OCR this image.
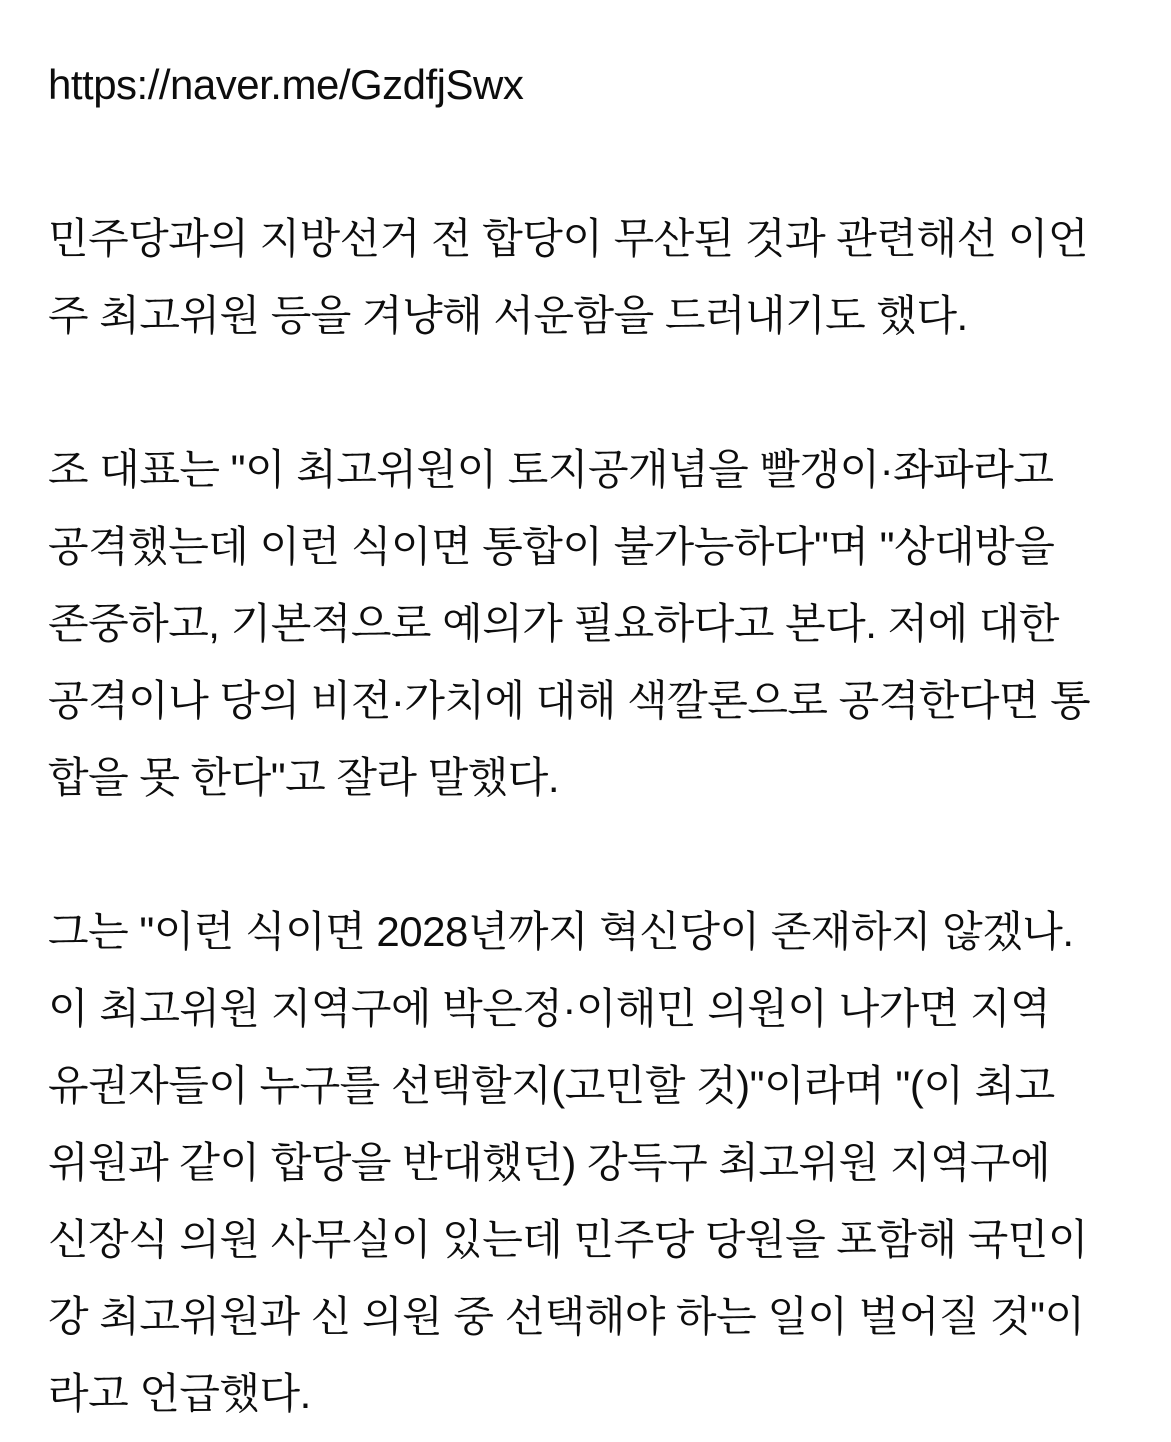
https://naver.me/GzdfjSwx
민주당과의 지방선거 전 합당이 무산된 것과 관련해선 이언
주 최고위원 등을 겨냥해 서운함을 드러내기도 했다.
조 대표는 "이 최고위원이 토지공개념을 빨갱이·좌파라고
공격했는데 이런 식이면 통합이 불가능하다"며 "상대방을
존중하고, 기본적으로 예의가 필요하다고 본다. 저에 대한
공격이나 당의 비전·가치에 대해 색깔론으로 공격한다면 통
합을 못 한다"고 잘라 말했다.
그는 "이런 식이면 2028년까지 혁신당이 존재하지 않겠나.
이 최고위원 지역구에 박은정·이해민 의원이 나가면 지역
유권자들이 누구를 선택할지(고민할 것)"이라며 "(이 최고
위원과 같이 합당을 반대했던) 강득구 최고위원 지역구에
신장식 의원 사무실이 있는데 민주당 당원을 포함해 국민이
강 최고위원과 신 의원 중 선택해야 하는 일이 벌어질 것"이
라고 언급했다.
